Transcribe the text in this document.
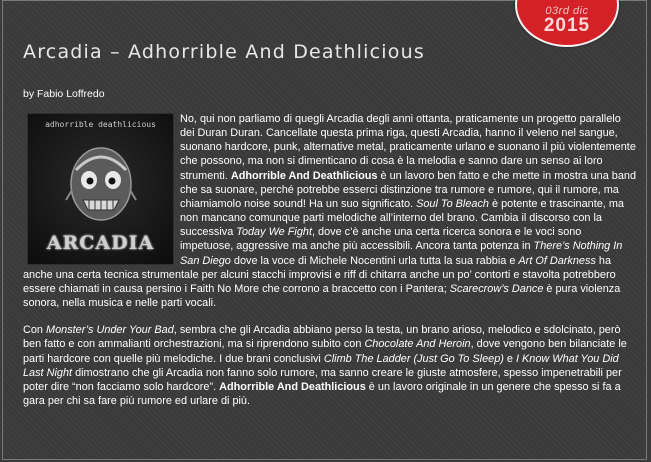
03rd dic
2015
Arcadia – Adhorrible And Deathlicious
by Fabio Loffredo

No, qui non parliamo di quegli Arcadia degli anni ottanta, praticamente un progetto parallelo dei Duran Duran. Cancellate questa prima riga, questi Arcadia, hanno il veleno nel sangue, suonano hardcore, punk, alternative metal, praticamente urlano e suonano il più violentemente che possono, ma non si dimenticano di cosa è la melodia e sanno dare un senso ai loro strumenti. Adhorrible And Deathlicious è un lavoro ben fatto e che mette in mostra una band che sa suonare, perché potrebbe esserci distinzione tra rumore e rumore, qui il rumore, ma chiamiamolo noise sound! Ha un suo significato. Soul To Bleach è potente e trascinante, ma non mancano comunque parti melodiche all’interno del brano. Cambia il discorso con la successiva Today We Fight, dove c’è anche una certa ricerca sonora e le voci sono impetuose, aggressive ma anche più accessibili. Ancora tanta potenza in There’s Nothing In San Diego dove la voce di Michele Nocentini urla tutta la sua rabbia e Art Of Darkness ha anche una certa tecnica strumentale per alcuni stacchi improvisi e riff di chitarra anche un po’ contorti e stavolta potrebbero essere chiamati in causa persino i Faith No More che corrono a braccetto con i Pantera; Scarecrow’s Dance è pura violenza sonora, nella musica e nelle parti vocali.

Con Monster’s Under Your Bad, sembra che gli Arcadia abbiano perso la testa, un brano arioso, melodico e sdolcinato, però ben fatto e con ammalianti orchestrazioni, ma si riprendono subito con Chocolate And Heroin, dove vengono ben bilanciate le parti hardcore con quelle più melodiche. I due brani conclusivi Climb The Ladder (Just Go To Sleep) e I Know What You Did Last Night dimostrano che gli Arcadia non fanno solo rumore, ma sanno creare le giuste atmosfere, spesso impenetrabili per poter dire “non facciamo solo hardcore”. Adhorrible And Deathlicious è un lavoro originale in un genere che spesso si fa a gara per chi sa fare più rumore ed urlare di più.

adhorrible deathlicious
ARCADIA
